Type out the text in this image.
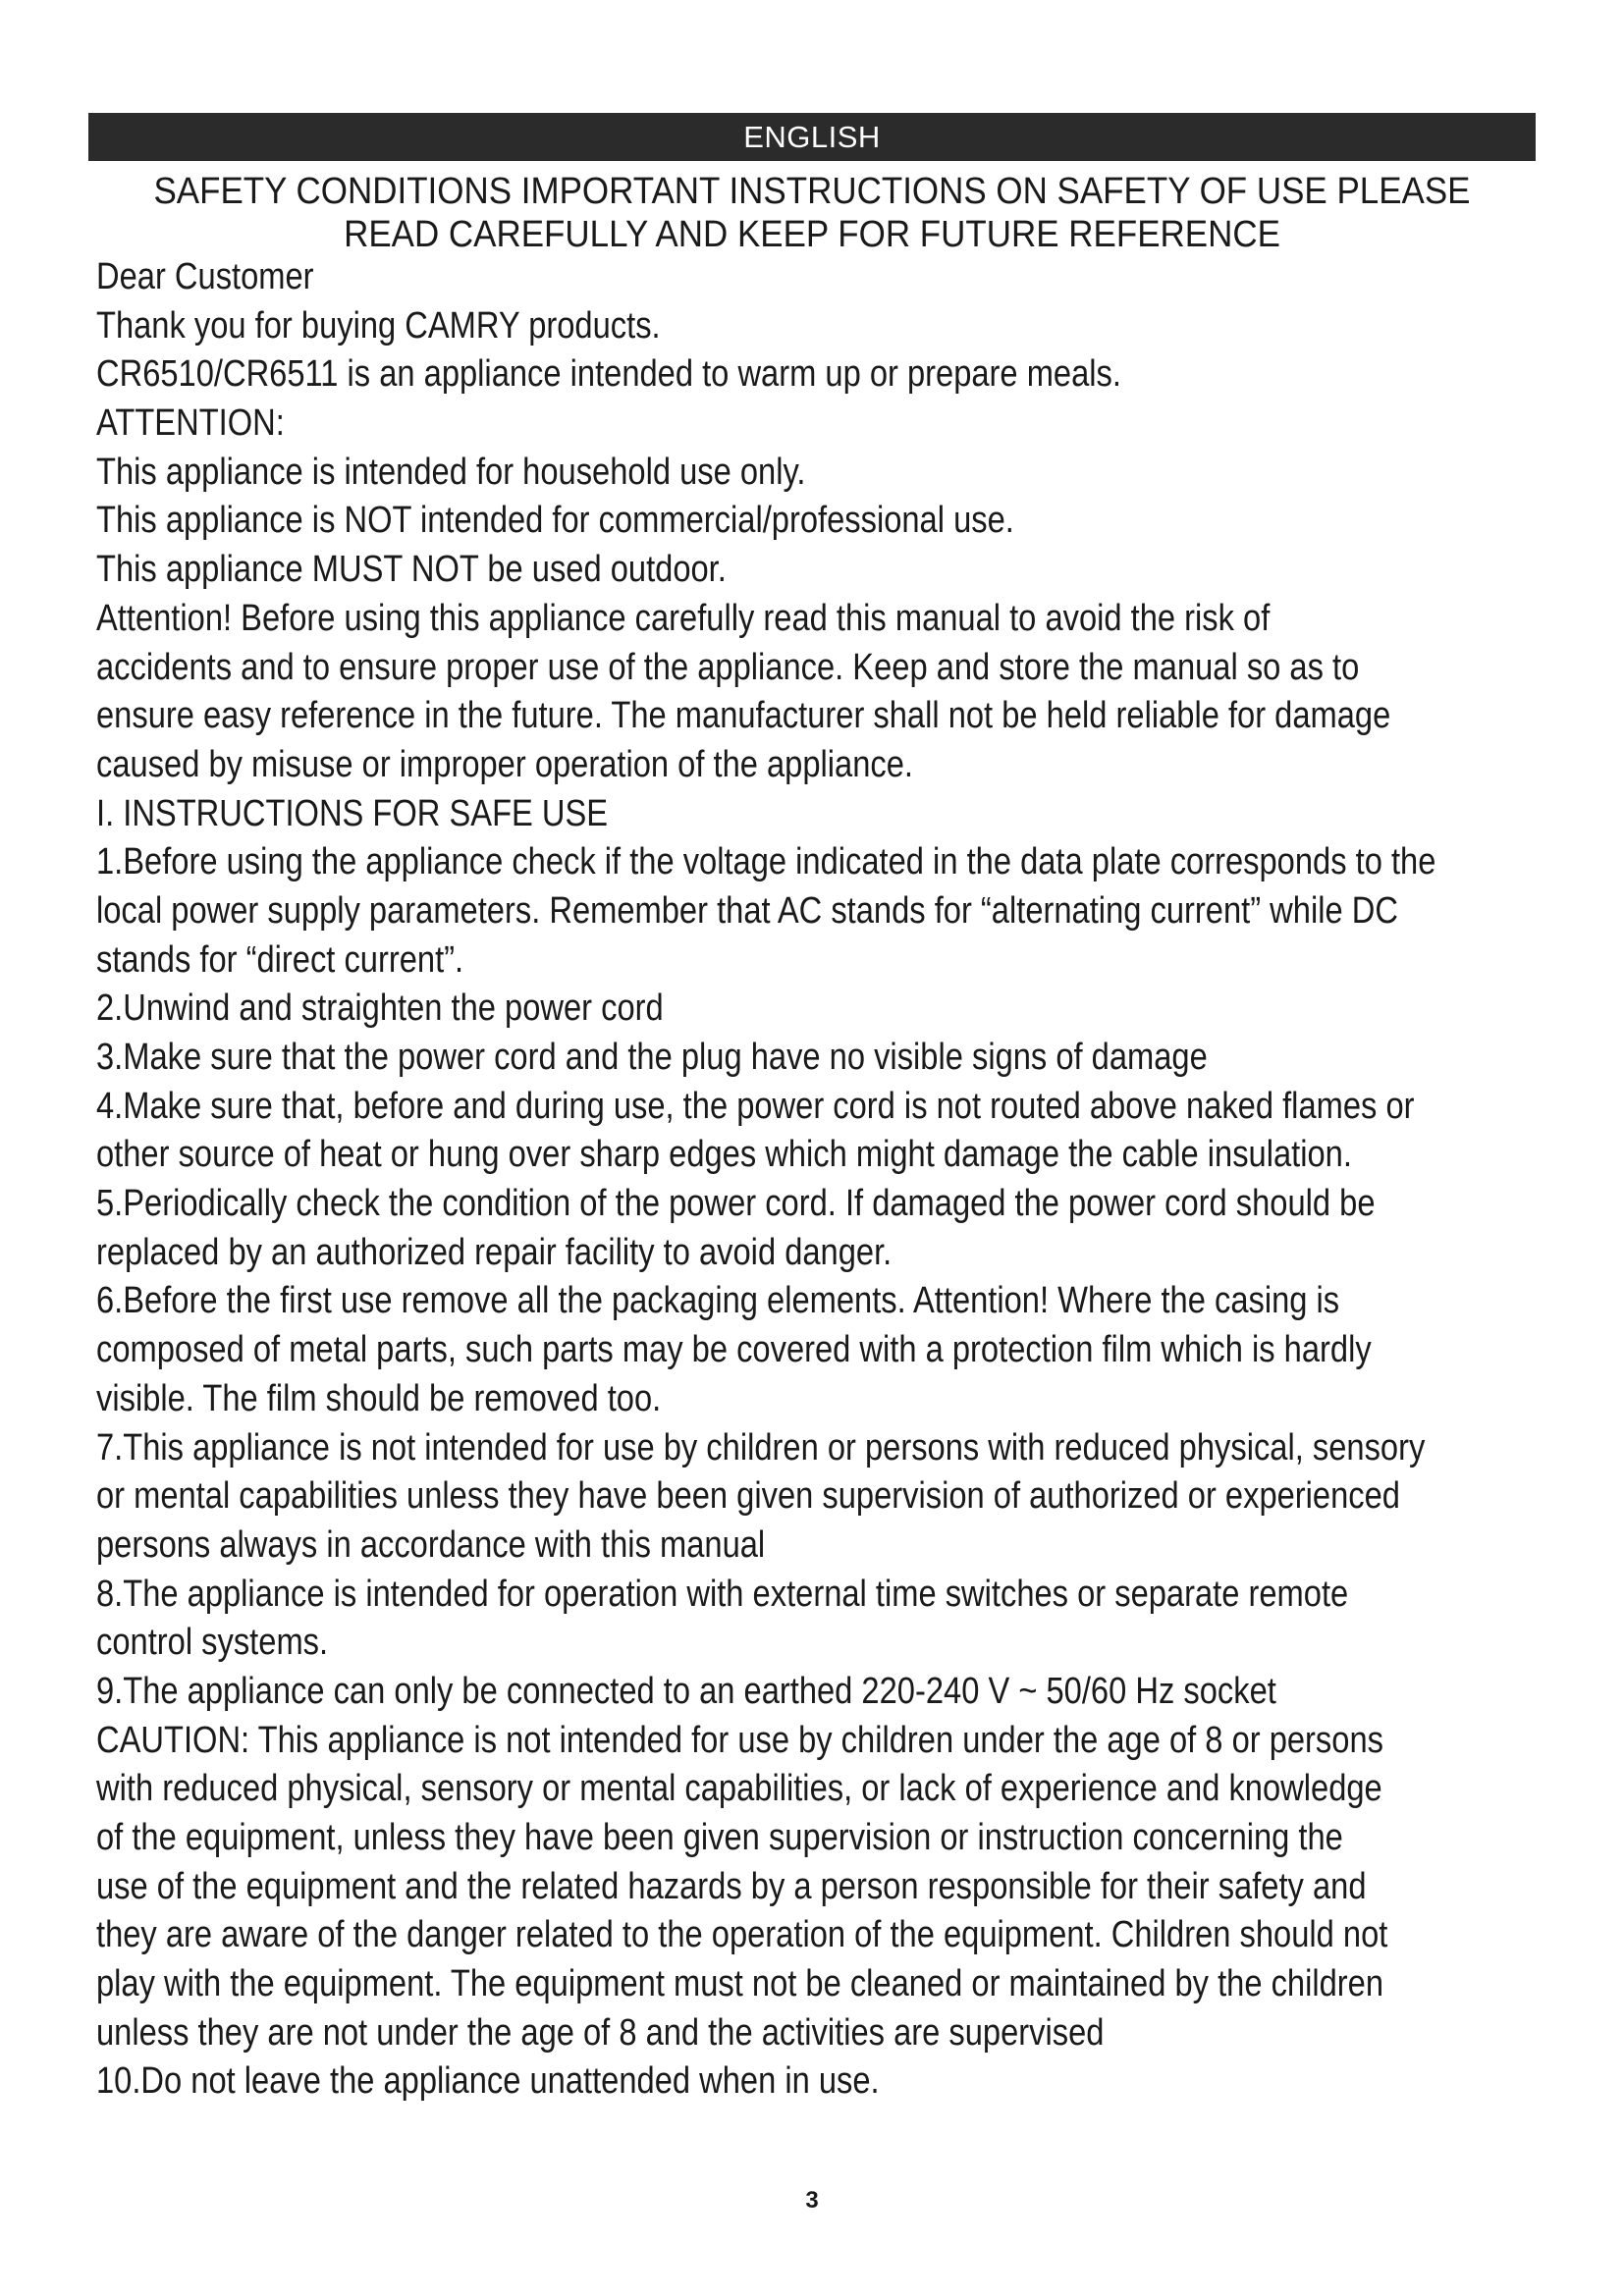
ENGLISH
SAFETY CONDITIONS IMPORTANT INSTRUCTIONS ON SAFETY OF USE PLEASE
READ CAREFULLY AND KEEP FOR FUTURE REFERENCE
Dear Customer
Thank you for buying CAMRY products.
CR6510/CR6511 is an appliance intended to warm up or prepare meals.
ATTENTION:
This appliance is intended for household use only.
This appliance is NOT intended for commercial/professional use.
This appliance MUST NOT be used outdoor.
Attention! Before using this appliance carefully read this manual to avoid the risk of
accidents and to ensure proper use of the appliance. Keep and store the manual so as to
ensure easy reference in the future. The manufacturer shall not be held reliable for damage
caused by misuse or improper operation of the appliance.
I. INSTRUCTIONS FOR SAFE USE
1.Before using the appliance check if the voltage indicated in the data plate corresponds to the
local power supply parameters. Remember that AC stands for “alternating current” while DC
stands for “direct current”.
2.Unwind and straighten the power cord
3.Make sure that the power cord and the plug have no visible signs of damage
4.Make sure that, before and during use, the power cord is not routed above naked flames or
other source of heat or hung over sharp edges which might damage the cable insulation.
5.Periodically check the condition of the power cord. If damaged the power cord should be
replaced by an authorized repair facility to avoid danger.
6.Before the first use remove all the packaging elements. Attention! Where the casing is
composed of metal parts, such parts may be covered with a protection film which is hardly
visible. The film should be removed too.
7.This appliance is not intended for use by children or persons with reduced physical, sensory
or mental capabilities unless they have been given supervision of authorized or experienced
persons always in accordance with this manual
8.The appliance is intended for operation with external time switches or separate remote
control systems.
9.The appliance can only be connected to an earthed 220-240 V ~ 50/60 Hz socket
CAUTION: This appliance is not intended for use by children under the age of 8 or persons
with reduced physical, sensory or mental capabilities, or lack of experience and knowledge
of the equipment, unless they have been given supervision or instruction concerning the
use of the equipment and the related hazards by a person responsible for their safety and
they are aware of the danger related to the operation of the equipment. Children should not
play with the equipment. The equipment must not be cleaned or maintained by the children
unless they are not under the age of 8 and the activities are supervised
10.Do not leave the appliance unattended when in use.
3
